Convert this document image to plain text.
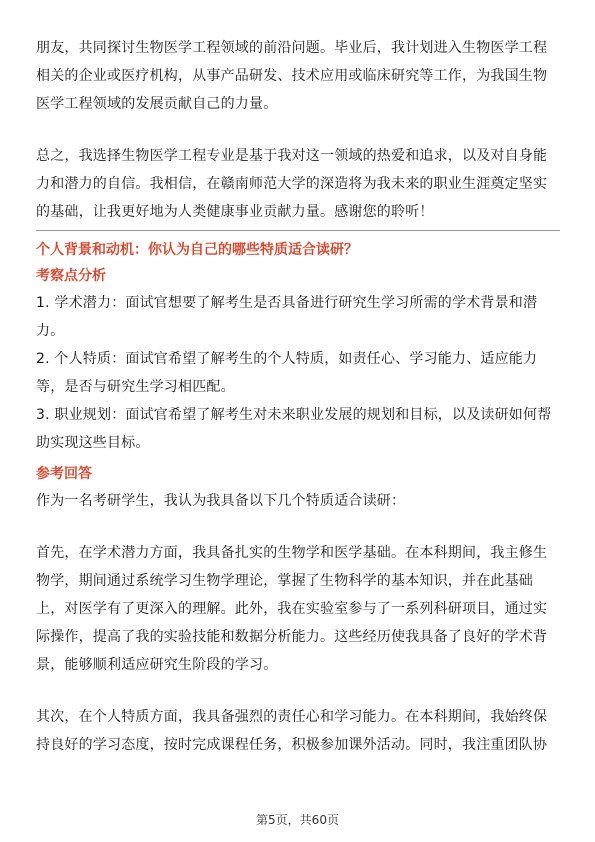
朋友，共同探讨生物医学工程领域的前沿问题。毕业后，我计划进入生物医学工程
相关的企业或医疗机构，从事产品研发、技术应用或临床研究等工作，为我国生物
医学工程领域的发展贡献自己的力量。

总之，我选择生物医学工程专业是基于我对这一领域的热爱和追求，以及对自身能
力和潜力的自信。我相信，在赣南师范大学的深造将为我未来的职业生涯奠定坚实
的基础，让我更好地为人类健康事业贡献力量。感谢您的聆听！

个人背景和动机：你认为自己的哪些特质适合读研？
考察点分析

1. 学术潜力：面试官想要了解考生是否具备进行研究生学习所需的学术背景和潜
力。

2. 个人特质：面试官希望了解考生的个人特质，如责任心、学习能力、适应能力
等，是否与研究生学习相匹配。

3. 职业规划：面试官希望了解考生对未来职业发展的规划和目标，以及读研如何帮
助实现这些目标。

参考回答

作为一名考研学生，我认为我具备以下几个特质适合读研：

首先，在学术潜力方面，我具备扎实的生物学和医学基础。在本科期间，我主修生
物学，期间通过系统学习生物学理论，掌握了生物科学的基本知识，并在此基础
上，对医学有了更深入的理解。此外，我在实验室参与了一系列科研项目，通过实
际操作，提高了我的实验技能和数据分析能力。这些经历使我具备了良好的学术背
景，能够顺利适应研究生阶段的学习。

其次，在个人特质方面，我具备强烈的责任心和学习能力。在本科期间，我始终保
持良好的学习态度，按时完成课程任务，积极参加课外活动。同时，我注重团队协

第5页，共60页
